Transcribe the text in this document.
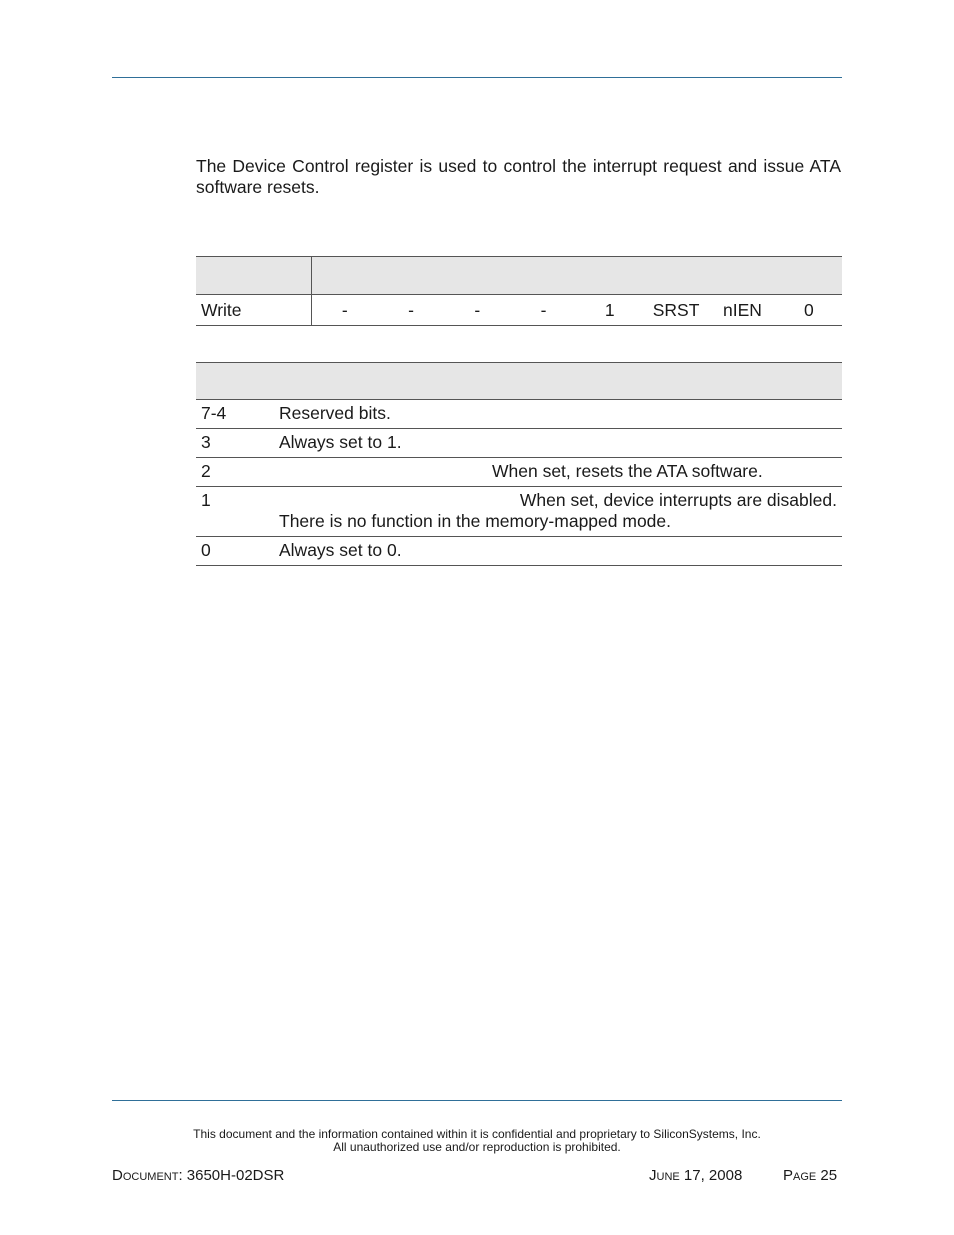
The Device Control register is used to control the interrupt request and issue ATA software resets.

Write	-	-	-	-	1	SRST	nIEN	0

7-4	Reserved bits.
3	Always set to 1.
2	When set, resets the ATA software.

1	When set, device interrupts are disabled.
There is no function in the memory-mapped mode.
0	Always set to 0.
This document and the information contained within it is confidential and proprietary to SiliconSystems, Inc.
All unauthorized use and/or reproduction is prohibited.
Document: 3650H-02DSR	June 17, 2008	Page 25
